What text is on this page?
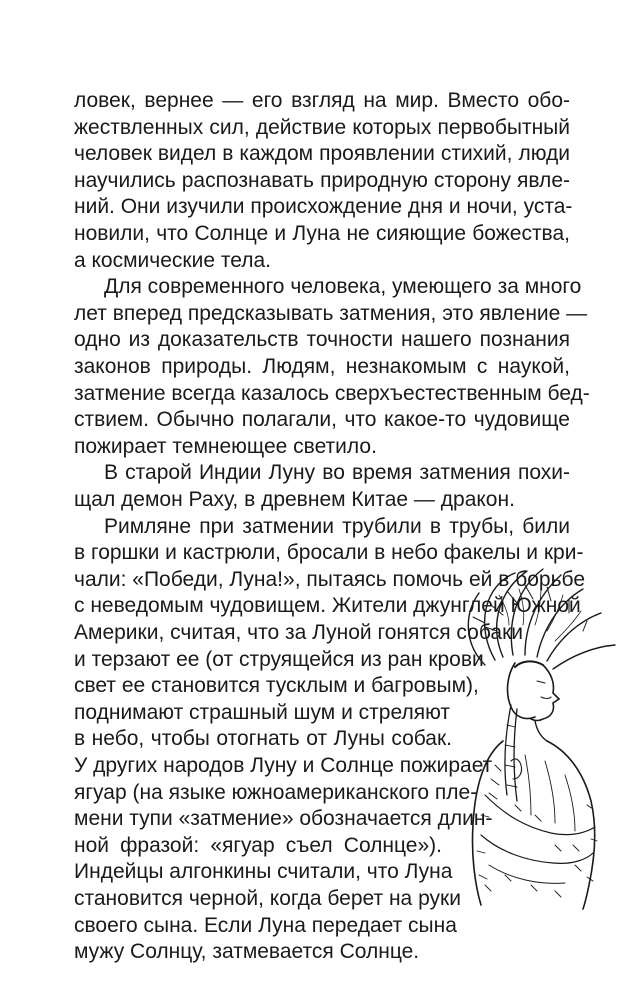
ловек, вернее — его взгляд на мир. Вместо обо-
жествленных сил, действие которых первобытный
человек видел в каждом проявлении стихий, люди
научились распознавать природную сторону явле-
ний. Они изучили происхождение дня и ночи, уста-
новили, что Солнце и Луна не сияющие божества,
а космические тела.
Для современного человека, умеющего за много
лет вперед предсказывать затмения, это явление —
одно из доказательств точности нашего познания
законов природы. Людям, незнакомым с наукой,
затмение всегда казалось сверхъестественным бед-
ствием. Обычно полагали, что какое-то чудовище
пожирает темнеющее светило.
В старой Индии Луну во время затмения похи-
щал демон Раху, в древнем Китае — дракон.
Римляне при затмении трубили в трубы, били
в горшки и кастрюли, бросали в небо факелы и кри-
чали: «Победи, Луна!», пытаясь помочь ей в борьбе
с неведомым чудовищем. Жители джунглей Южной
Америки, считая, что за Луной гонятся собаки
и терзают ее (от струящейся из ран крови
свет ее становится тусклым и багровым),
поднимают страшный шум и стреляют
в небо, чтобы отогнать от Луны собак.
У других народов Луну и Солнце пожирает
ягуар (на языке южноамериканского пле-
мени тупи «затмение» обозначается длин-
ной фразой: «ягуар съел Солнце»).
Индейцы алгонкины считали, что Луна
становится черной, когда берет на руки
своего сына. Если Луна передает сына
мужу Солнцу, затмевается Солнце.
